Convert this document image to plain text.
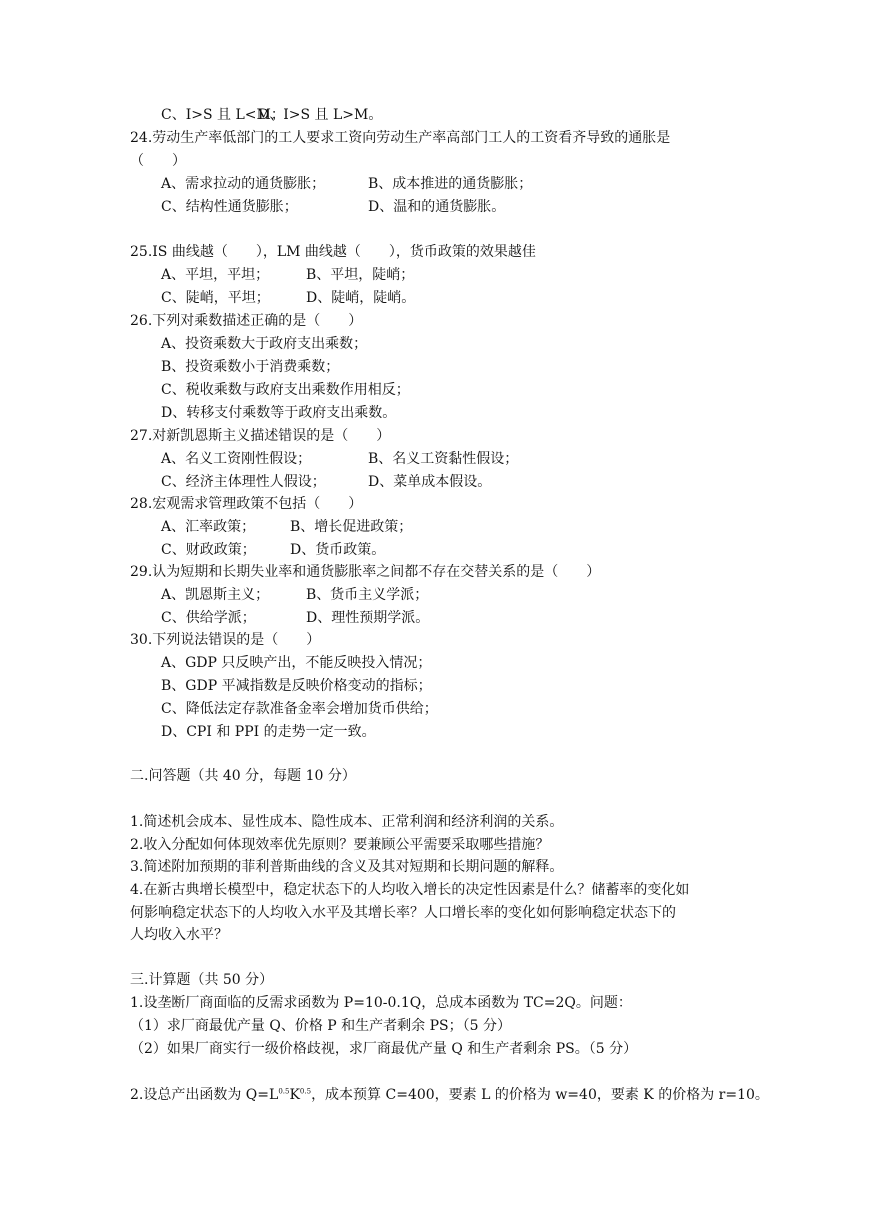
C、I>S 且 L<M；
D、I>S 且 L>M。
24.劳动生产率低部门的工人要求工资向劳动生产率高部门工人的工资看齐导致的通胀是
（　　）
A、需求拉动的通货膨胀；	B、成本推进的通货膨胀；
C、结构性通货膨胀；	D、温和的通货膨胀。
25.IS 曲线越（　　），LM 曲线越（　　），货币政策的效果越佳
A、平坦，平坦；	B、平坦，陡峭；
C、陡峭，平坦；	D、陡峭，陡峭。
26.下列对乘数描述正确的是（　　）
A、投资乘数大于政府支出乘数；
B、投资乘数小于消费乘数；
C、税收乘数与政府支出乘数作用相反；
D、转移支付乘数等于政府支出乘数。
27.对新凯恩斯主义描述错误的是（　　）
A、名义工资刚性假设；	B、名义工资黏性假设；
C、经济主体理性人假设；	D、菜单成本假设。
28.宏观需求管理政策不包括（　　）
A、汇率政策； B、增长促进政策；
C、财政政策； D、货币政策。
29.认为短期和长期失业率和通货膨胀率之间都不存在交替关系的是（　　）
A、凯恩斯主义；	B、货币主义学派；
C、供给学派；	D、理性预期学派。
30.下列说法错误的是（　　）
A、GDP 只反映产出，不能反映投入情况；
B、GDP 平减指数是反映价格变动的指标；
C、降低法定存款准备金率会增加货币供给；
D、CPI 和 PPI 的走势一定一致。
二.问答题（共 40 分，每题 10 分）
1.简述机会成本、显性成本、隐性成本、正常利润和经济利润的关系。
2.收入分配如何体现效率优先原则？要兼顾公平需要采取哪些措施？
3.简述附加预期的菲利普斯曲线的含义及其对短期和长期问题的解释。
4.在新古典增长模型中，稳定状态下的人均收入增长的决定性因素是什么？储蓄率的变化如
何影响稳定状态下的人均收入水平及其增长率？人口增长率的变化如何影响稳定状态下的
人均收入水平？
三.计算题（共 50 分）
1.设垄断厂商面临的反需求函数为 P=10-0.1Q，总成本函数为 TC=2Q。问题：
（1）求厂商最优产量 Q、价格 P 和生产者剩余 PS；（5 分）
（2）如果厂商实行一级价格歧视，求厂商最优产量 Q 和生产者剩余 PS。（5 分）
2.设总产出函数为 $Q=L^{0.5}K^{0.5}$，成本预算 C=400，要素 L 的价格为 w=40，要素 K 的价格为 r=10。
